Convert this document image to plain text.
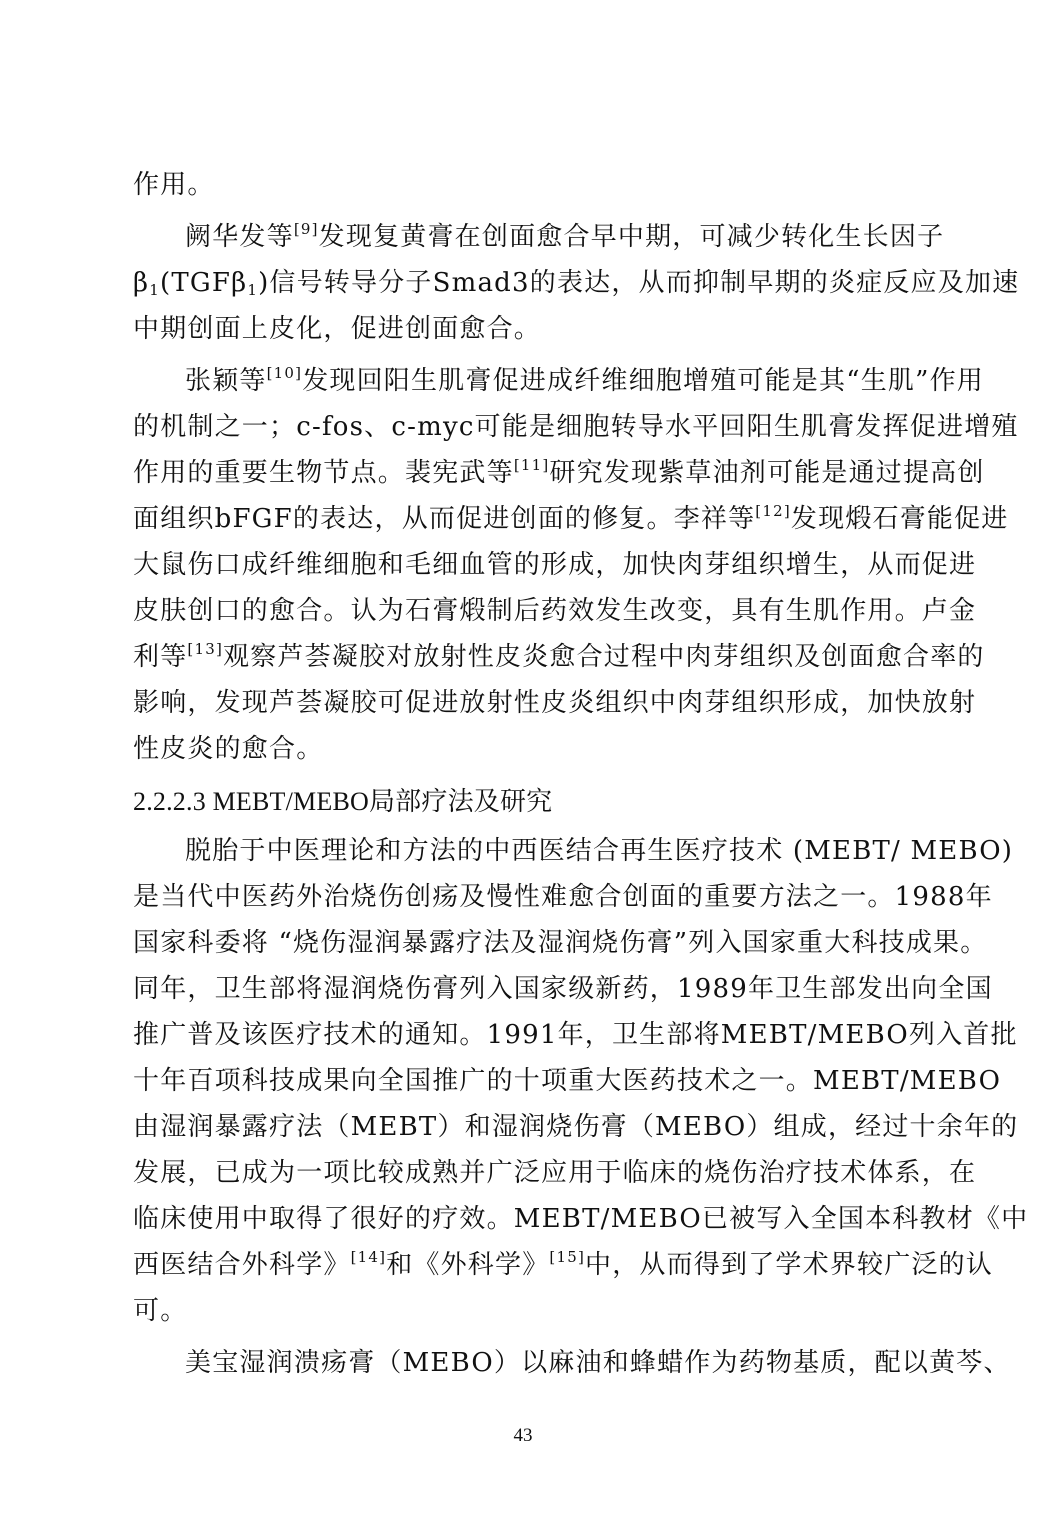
作用。
阙华发等[9]发现复黄膏在创面愈合早中期，可减少转化生长因子
$\beta_1(TGF\beta_1)$信号转导分子Smad3的表达，从而抑制早期的炎症反应及加速
中期创面上皮化，促进创面愈合。
张颖等[10]发现回阳生肌膏促进成纤维细胞增殖可能是其“生肌”作用
的机制之一；c-fos、c-myc可能是细胞转导水平回阳生肌膏发挥促进增殖
作用的重要生物节点。裴宪武等[11]研究发现紫草油剂可能是通过提高创
面组织bFGF的表达，从而促进创面的修复。李祥等[12]发现煅石膏能促进
大鼠伤口成纤维细胞和毛细血管的形成，加快肉芽组织增生，从而促进
皮肤创口的愈合。认为石膏煅制后药效发生改变，具有生肌作用。卢金
利等[13]观察芦荟凝胶对放射性皮炎愈合过程中肉芽组织及创面愈合率的
影响，发现芦荟凝胶可促进放射性皮炎组织中肉芽组织形成，加快放射
性皮炎的愈合。
2.2.2.3 MEBT/MEBO局部疗法及研究
脱胎于中医理论和方法的中西医结合再生医疗技术 (MEBT/ MEBO)
是当代中医药外治烧伤创疡及慢性难愈合创面的重要方法之一。1988年
国家科委将 “烧伤湿润暴露疗法及湿润烧伤膏”列入国家重大科技成果。
同年，卫生部将湿润烧伤膏列入国家级新药，1989年卫生部发出向全国
推广普及该医疗技术的通知。1991年，卫生部将MEBT/MEBO列入首批
十年百项科技成果向全国推广的十项重大医药技术之一。MEBT/MEBO
由湿润暴露疗法（MEBT）和湿润烧伤膏（MEBO）组成，经过十余年的
发展，已成为一项比较成熟并广泛应用于临床的烧伤治疗技术体系，在
临床使用中取得了很好的疗效。MEBT/MEBO已被写入全国本科教材《中
西医结合外科学》[14]和《外科学》[15]中，从而得到了学术界较广泛的认
可。
美宝湿润溃疡膏（MEBO）以麻油和蜂蜡作为药物基质，配以黄芩、
43
